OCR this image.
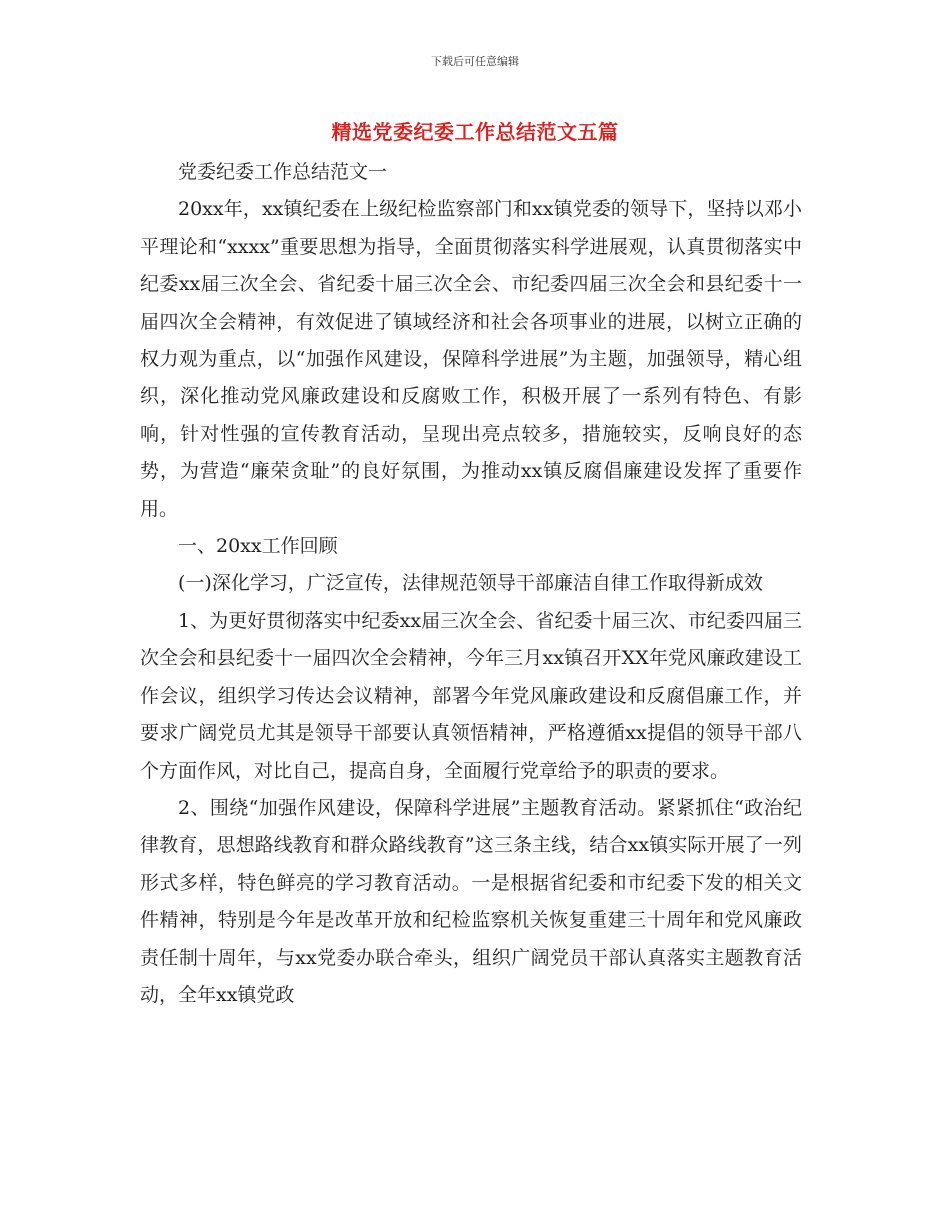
下载后可任意编辑
精选党委纪委工作总结范文五篇

党委纪委工作总结范文一

20xx年，xx镇纪委在上级纪检监察部门和xx镇党委的领导下，坚持以邓小平理论和“xxxx”重要思想为指导，全面贯彻落实科学进展观，认真贯彻落实中纪委xx届三次全会、省纪委十届三次全会、市纪委四届三次全会和县纪委十一届四次全会精神，有效促进了镇域经济和社会各项事业的进展，以树立正确的权力观为重点，以“加强作风建设，保障科学进展”为主题，加强领导，精心组织，深化推动党风廉政建设和反腐败工作，积极开展了一系列有特色、有影响，针对性强的宣传教育活动，呈现出亮点较多，措施较实，反响良好的态势，为营造“廉荣贪耻”的良好氛围，为推动xx镇反腐倡廉建设发挥了重要作用。

一、20xx工作回顾

(一)深化学习，广泛宣传，法律规范领导干部廉洁自律工作取得新成效

1、为更好贯彻落实中纪委xx届三次全会、省纪委十届三次、市纪委四届三次全会和县纪委十一届四次全会精神，今年三月xx镇召开XX年党风廉政建设工作会议，组织学习传达会议精神，部署今年党风廉政建设和反腐倡廉工作，并要求广阔党员尤其是领导干部要认真领悟精神，严格遵循xx提倡的领导干部八个方面作风，对比自己，提高自身，全面履行党章给予的职责的要求。

2、围绕“加强作风建设，保障科学进展”主题教育活动。紧紧抓住“政治纪律教育，思想路线教育和群众路线教育”这三条主线，结合xx镇实际开展了一列形式多样，特色鲜亮的学习教育活动。一是根据省纪委和市纪委下发的相关文件精神，特别是今年是改革开放和纪检监察机关恢复重建三十周年和党风廉政责任制十周年，与xx党委办联合牵头，组织广阔党员干部认真落实主题教育活动，全年xx镇党政
